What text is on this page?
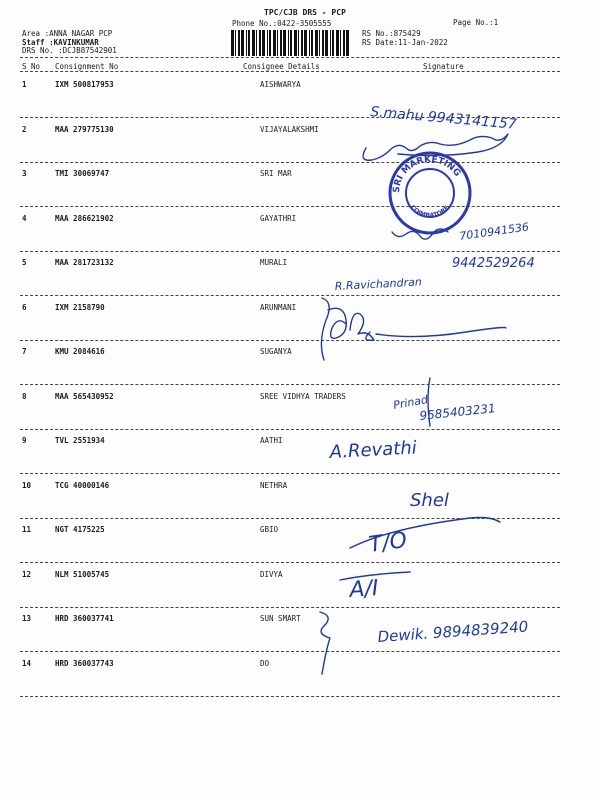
TPC/CJB DRS - PCP
Phone No.:0422-3505555	Page No.:1
Area :ANNA NAGAR PCP
Staff :KAVINKUMAR
DRS No. :DCJB87542901
RS No.:875429
RS Date:11-Jan-2022
S No Consignment No	Consignee Details	Signature
1	IXM 500817953	AISHWARYA
2	MAA 279775130	VIJAYALAKSHMI
3	TMI 30069747	SRI MAR
4	MAA 286621902	GAYATHRI
5	MAA 281723132	MURALI
6	IXM 2158790	ARUNMANI
7	KMU 2084616	SUGANYA
8	MAA 565430952	SREE VIDHYA TRADERS
9	TVL 2551934	AATHI
10	TCG 40000146	NETHRA
11	NGT 4175225	GBIO
12	NLM 51005745	DIVYA
13	HRD 360037741	SUN SMART
14	HRD 360037743	DO
S.mahu 9943141157
7010941536
9442529264
R.Ravichandran
Prinad
9585403231
A.Revathi
Shel
T/O
A/I
Dewik. 9894839240
SRI MARKETING
COIMBATORE
